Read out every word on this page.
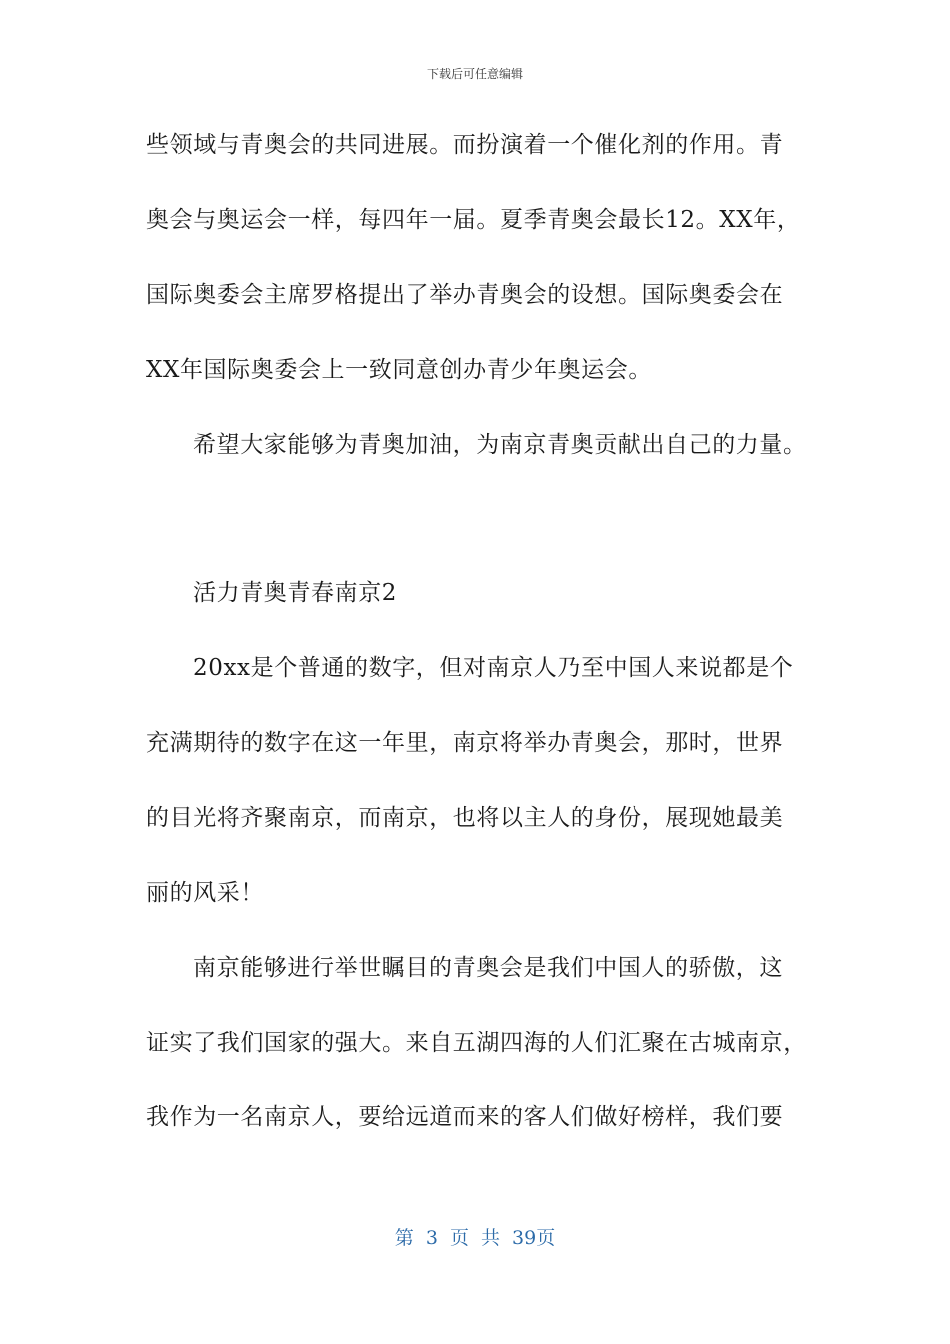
下载后可任意编辑
些领域与青奥会的共同进展。而扮演着一个催化剂的作用。青
奥会与奥运会一样，每四年一届。夏季青奥会最长12。XX年，
国际奥委会主席罗格提出了举办青奥会的设想。国际奥委会在
XX年国际奥委会上一致同意创办青少年奥运会。
希望大家能够为青奥加油，为南京青奥贡献出自己的力量。
活力青奥青春南京2
20xx是个普通的数字，但对南京人乃至中国人来说都是个
充满期待的数字在这一年里，南京将举办青奥会，那时，世界
的目光将齐聚南京，而南京，也将以主人的身份，展现她最美
丽的风采！
南京能够进行举世瞩目的青奥会是我们中国人的骄傲，这
证实了我们国家的强大。来自五湖四海的人们汇聚在古城南京，
我作为一名南京人，要给远道而来的客人们做好榜样，我们要
第 3 页 共 39页
